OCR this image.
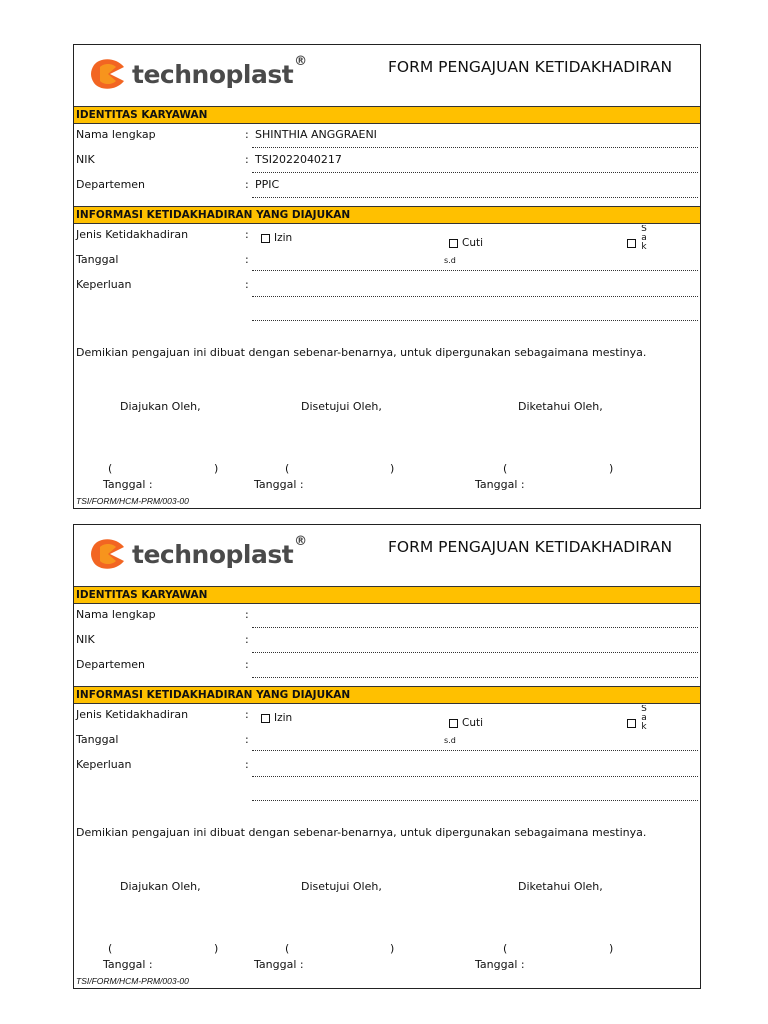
technoplast®	FORM PENGAJUAN KETIDAKHADIRAN
IDENTITAS KARYAWAN
Nama lengkap	: SHINTHIA ANGGRAENI
NIK	: TSI2022040217
Departemen	: PPIC
INFORMASI KETIDAKHADIRAN YANG DIAJUKAN
Jenis Ketidakhadiran	: Izin	Cuti
Sak
Tanggal	:	s.d
Keperluan	:
Demikian pengajuan ini dibuat dengan sebenar-benarnya, untuk dipergunakan sebagaimana mestinya.
Diajukan Oleh,	Disetujui Oleh,	Diketahui Oleh,
(	)	(	)	(	)
Tanggal :	Tanggal :	Tanggal :
TSI/FORM/HCM-PRM/003-00
technoplast®	FORM PENGAJUAN KETIDAKHADIRAN
IDENTITAS KARYAWAN
Nama lengkap	:
NIK	:
Departemen	:
INFORMASI KETIDAKHADIRAN YANG DIAJUKAN
Jenis Ketidakhadiran	: Izin	Cuti
Sak
Tanggal	:	s.d
Keperluan	:
Demikian pengajuan ini dibuat dengan sebenar-benarnya, untuk dipergunakan sebagaimana mestinya.
Diajukan Oleh,	Disetujui Oleh,	Diketahui Oleh,
(	)	(	)	(	)
Tanggal :	Tanggal :	Tanggal :
TSI/FORM/HCM-PRM/003-00
